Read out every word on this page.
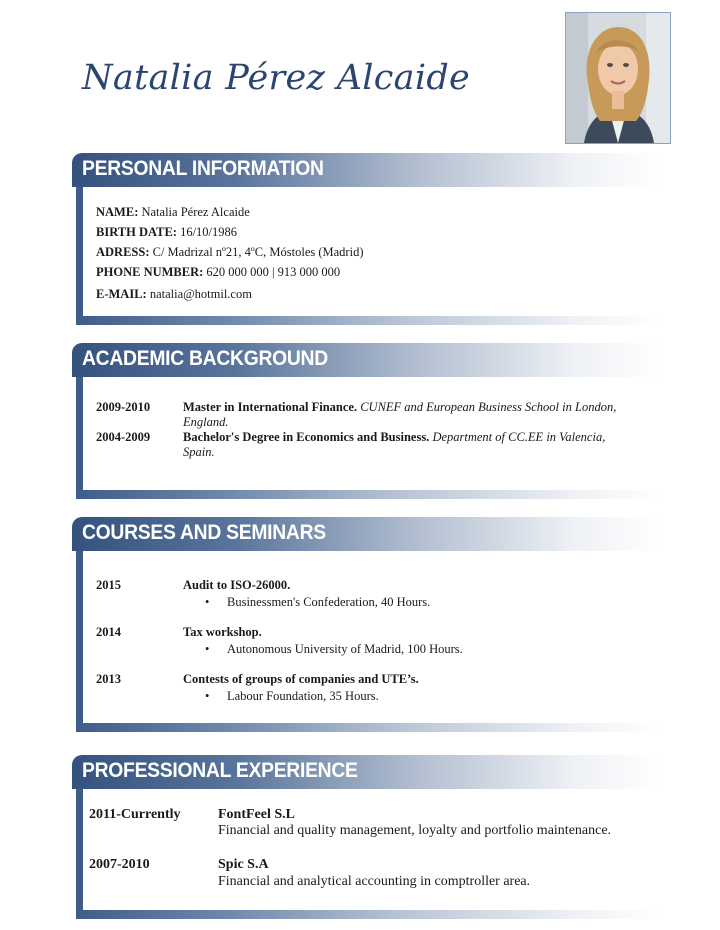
Natalia Pérez Alcaide
PERSONAL INFORMATION
NAME: Natalia Pérez Alcaide
BIRTH DATE: 16/10/1986
ADRESS: C/ Madrizal nº21, 4ºC, Móstoles (Madrid)
PHONE NUMBER: 620 000 000 | 913 000 000
E-MAIL: natalia@hotmil.com
ACADEMIC BACKGROUND
2009-2010	Master in International Finance. CUNEF and European Business School in London,
England.
2004-2009	Bachelor's Degree in Economics and Business. Department of CC.EE in Valencia,
Spain.
COURSES AND SEMINARS
2015	Audit to ISO-26000.
• Businessmen's Confederation, 40 Hours.
2014	Tax workshop.
• Autonomous University of Madrid, 100 Hours.
2013	Contests of groups of companies and UTE’s.
• Labour Foundation, 35 Hours.
PROFESSIONAL EXPERIENCE
2011-Currently	FontFeel S.L
Financial and quality management, loyalty and portfolio maintenance.
2007-2010	Spic S.A
Financial and analytical accounting in comptroller area.
